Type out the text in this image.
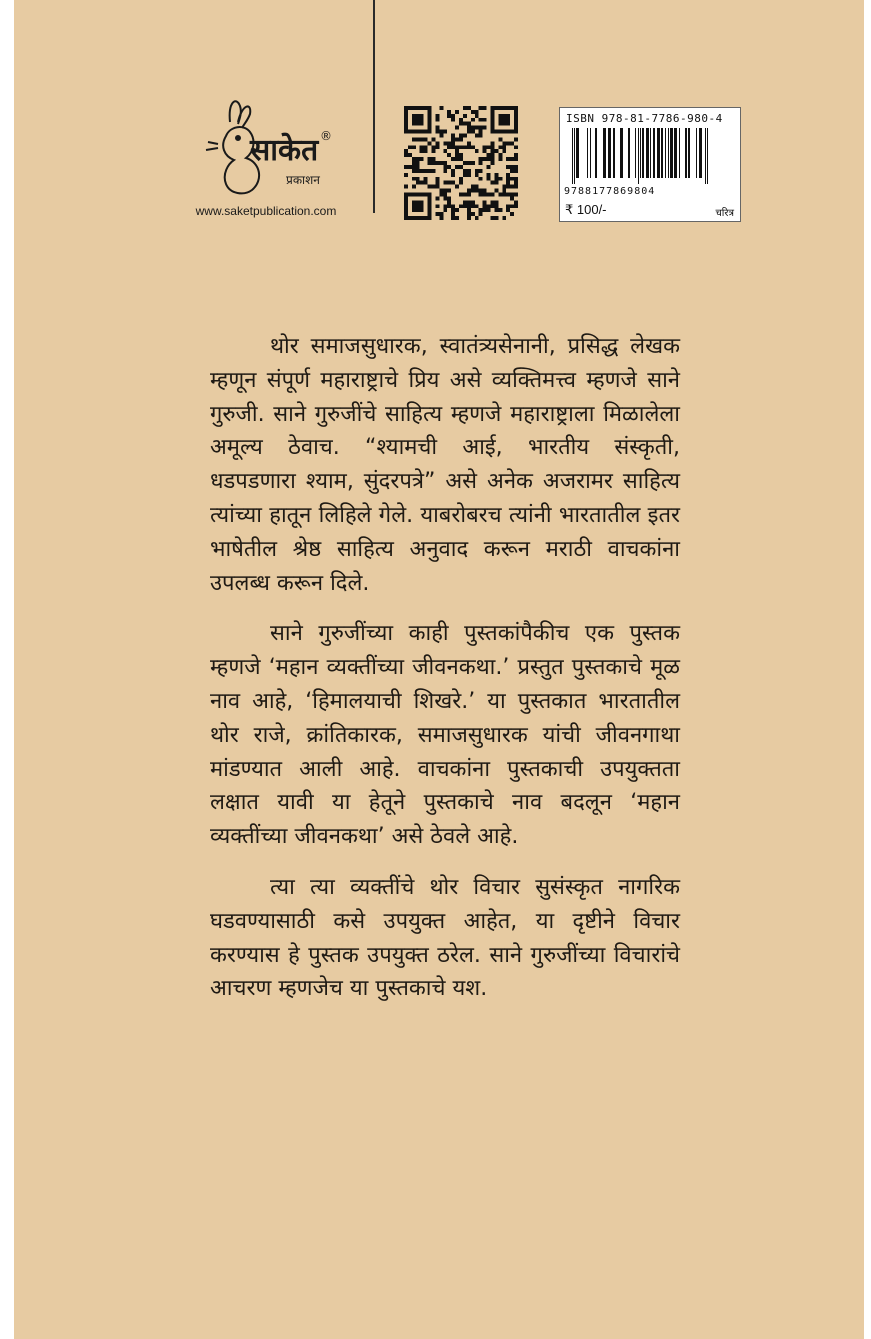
साकेत ®
प्रकाशन
www.saketpublication.com
ISBN 978-81-7786-980-4
9788177869804
₹ 100/-	चरित्र

थोर समाजसुधारक, स्वातंत्र्यसेनानी, प्रसिद्ध लेखक म्हणून संपूर्ण महाराष्ट्राचे प्रिय असे व्यक्तिमत्त्व म्हणजे साने गुरुजी. साने गुरुजींचे साहित्य म्हणजे महाराष्ट्राला मिळालेला अमूल्य ठेवाच. “श्यामची आई, भारतीय संस्कृती, धडपडणारा श्याम, सुंदरपत्रे” असे अनेक अजरामर साहित्य त्यांच्या हातून लिहिले गेले. याबरोबरच त्यांनी भारतातील इतर भाषेतील श्रेष्ठ साहित्य अनुवाद करून मराठी वाचकांना उपलब्ध करून दिले.

साने गुरुजींच्या काही पुस्तकांपैकीच एक पुस्तक म्हणजे ‘महान व्यक्तींच्या जीवनकथा.’ प्रस्तुत पुस्तकाचे मूळ नाव आहे, ‘हिमालयाची शिखरे.’ या पुस्तकात भारतातील थोर राजे, क्रांतिकारक, समाजसुधारक यांची जीवनगाथा मांडण्यात आली आहे. वाचकांना पुस्तकाची उपयुक्तता लक्षात यावी या हेतूने पुस्तकाचे नाव बदलून ‘महान व्यक्तींच्या जीवनकथा’ असे ठेवले आहे.

त्या त्या व्यक्तींचे थोर विचार सुसंस्कृत नागरिक घडवण्यासाठी कसे उपयुक्त आहेत, या दृष्टीने विचार करण्यास हे पुस्तक उपयुक्त ठरेल. साने गुरुजींच्या विचारांचे आचरण म्हणजेच या पुस्तकाचे यश.
